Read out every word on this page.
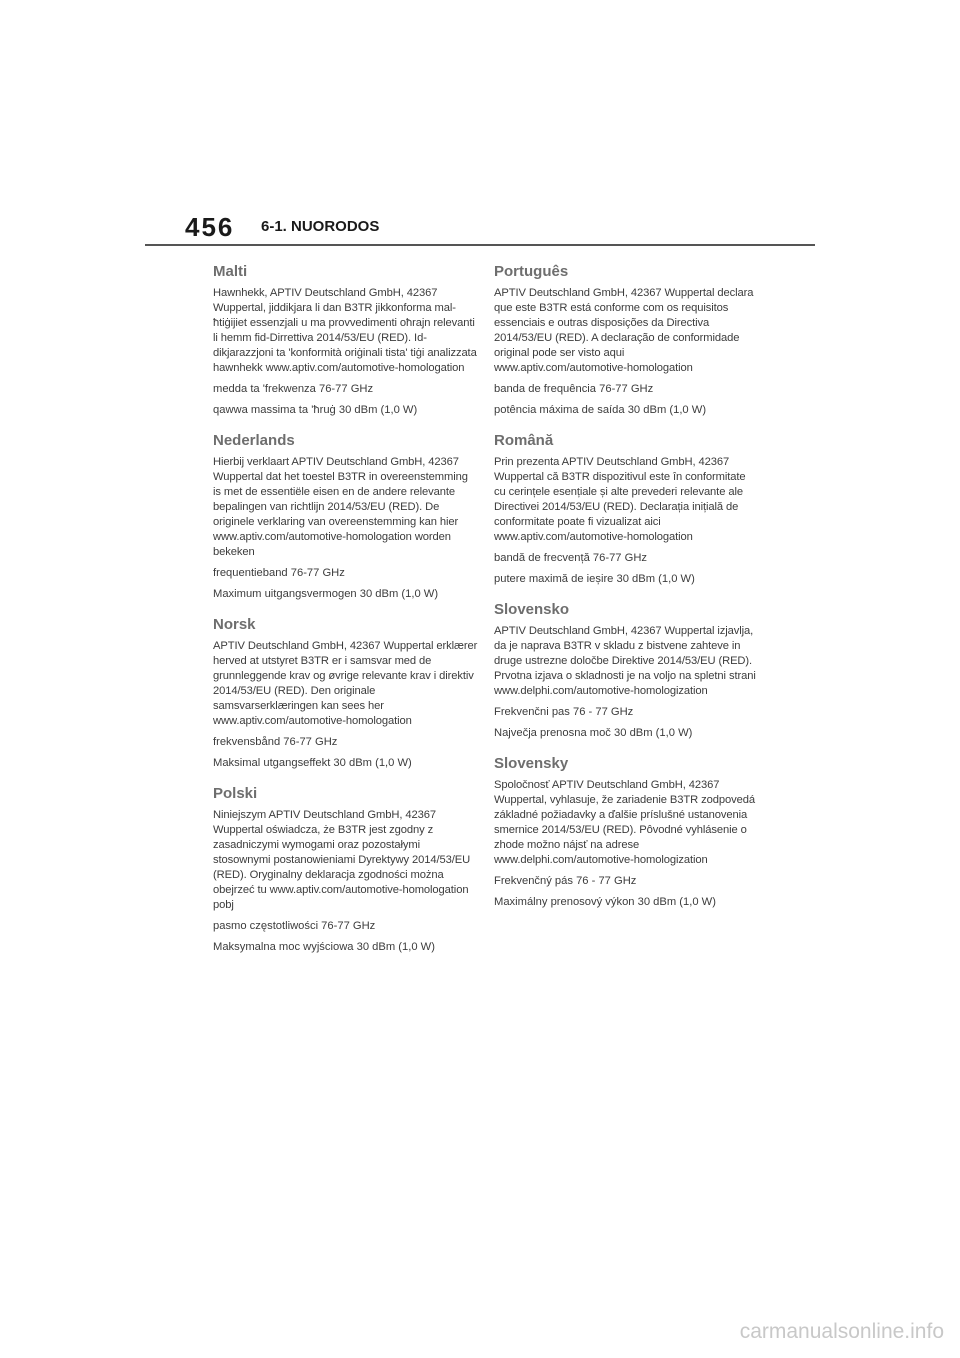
456 6-1. NUORODOS
Malti

Hawnhekk, APTIV Deutschland GmbH, 42367 Wuppertal, jiddikjara li dan B3TR jikkonforma mal-ħtiġijiet essenzjali u ma provvedimenti oħrajn relevanti li hemm fid-Dirrettiva 2014/53/EU (RED). Id-dikjarazzjoni ta 'konformità oriġinali tista' tiġi analizzata hawnhekk www.aptiv.com/automotive-homologation

medda ta 'frekwenza 76-77 GHz

qawwa massima ta 'ħruġ 30 dBm (1,0 W)

Nederlands

Hierbij verklaart APTIV Deutschland GmbH, 42367 Wuppertal dat het toestel B3TR in overeenstemming is met de essentiële eisen en de andere relevante bepalingen van richtlijn 2014/53/EU (RED). De originele verklaring van overeenstemming kan hier www.aptiv.com/automotive-homologation worden bekeken

frequentieband 76-77 GHz

Maximum uitgangsvermogen 30 dBm (1,0 W)

Norsk

APTIV Deutschland GmbH, 42367 Wuppertal erklærer herved at utstyret B3TR er i samsvar med de grunnleggende krav og øvrige relevante krav i direktiv 2014/53/EU (RED). Den originale samsvarserklæringen kan sees her www.aptiv.com/automotive-homologation

frekvensbånd 76-77 GHz

Maksimal utgangseffekt 30 dBm (1,0 W)

Polski

Niniejszym APTIV Deutschland GmbH, 42367 Wuppertal oświadcza, że B3TR jest zgodny z zasadniczymi wymogami oraz pozostałymi stosownymi postanowieniami Dyrektywy 2014/53/EU (RED). Oryginalny deklaracja zgodności można obejrzeć tu www.aptiv.com/automotive-homologation pobj

pasmo częstotliwości 76-77 GHz

Maksymalna moc wyjściowa 30 dBm (1,0 W)

Português

APTIV Deutschland GmbH, 42367 Wuppertal declara que este B3TR está conforme com os requisitos essenciais e outras disposições da Directiva 2014/53/EU (RED). A declaração de conformidade original pode ser visto aqui www.aptiv.com/automotive-homologation

banda de frequência 76-77 GHz

potência máxima de saída 30 dBm (1,0 W)

Română

Prin prezenta APTIV Deutschland GmbH, 42367 Wuppertal că B3TR dispozitivul este în conformitate cu cerințele esențiale și alte prevederi relevante ale Directivei 2014/53/EU (RED). Declarația inițială de conformitate poate fi vizualizat aici www.aptiv.com/automotive-homologation

bandă de frecvență 76-77 GHz

putere maximă de ieșire 30 dBm (1,0 W)

Slovensko

APTIV Deutschland GmbH, 42367 Wuppertal izjavlja, da je naprava B3TR v skladu z bistvene zahteve in druge ustrezne določbe Direktive 2014/53/EU (RED). Prvotna izjava o skladnosti je na voljo na spletni strani www.delphi.com/automotive-homologization

Frekvenčni pas 76 - 77 GHz

Največja prenosna moč 30 dBm (1,0 W)

Slovensky

Spoločnosť APTIV Deutschland GmbH, 42367 Wuppertal, vyhlasuje, že zariadenie B3TR zodpovedá základné požiadavky a ďalšie príslušné ustanovenia smernice 2014/53/EU (RED). Pôvodné vyhlásenie o zhode možno nájsť na adrese www.delphi.com/automotive-homologization

Frekvenčný pás 76 - 77 GHz

Maximálny prenosový výkon 30 dBm (1,0 W)

carmanualsonline.info
